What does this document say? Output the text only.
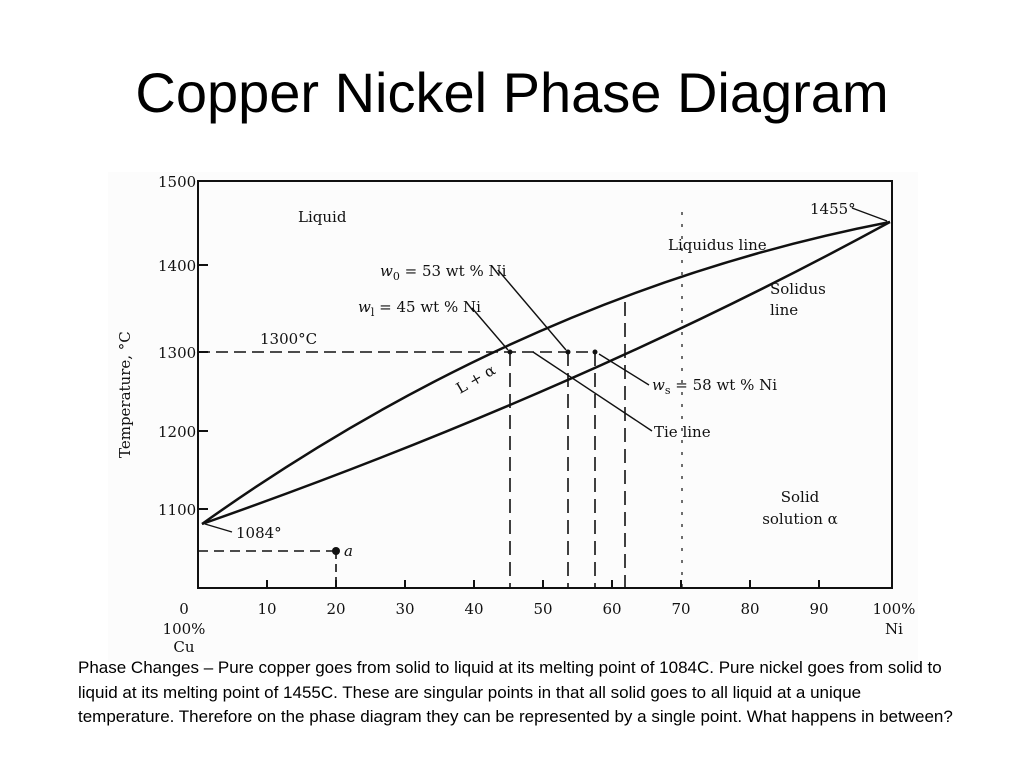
Copper Nickel Phase Diagram
1500
1400
1300
1200
1100
Temperature, °C
0	10	20	30	40	50	60	70	80	90	100%
100%
Cu
Ni
a
Liquid
L + α
Solid
solution α
Liquidus line
Solidus
line
Tie line
1084°
1455°
1300°C
$w_0 = 53$ wt % Ni
$w_l = 45$ wt % Ni
$w_s = 58$ wt % Ni
Phase Changes – Pure copper goes from solid to liquid at its melting point of 1084C. Pure nickel goes from solid to liquid at its melting point of 1455C. These are singular points in that all solid goes to all liquid at a unique temperature. Therefore on the phase diagram they can be represented by a single point. What happens in between?
